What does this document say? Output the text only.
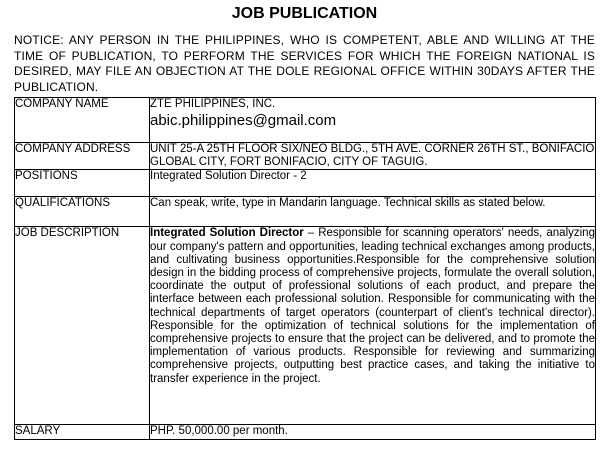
JOB PUBLICATION
NOTICE: ANY PERSON IN THE PHILIPPINES, WHO IS COMPETENT, ABLE AND WILLING AT THE TIME OF PUBLICATION, TO PERFORM THE SERVICES FOR WHICH THE FOREIGN NATIONAL IS DESIRED, MAY FILE AN OBJECTION AT THE DOLE REGIONAL OFFICE WITHIN 30DAYS AFTER THE PUBLICATION.
COMPANY NAME	ZTE PHILIPPINES, INC.
abic.philippines@gmail.com

COMPANY ADDRESS	UNIT 25-A 25TH FLOOR SIX/NEO BLDG., 5TH AVE. CORNER 26TH ST., BONIFACIO GLOBAL CITY, FORT BONIFACIO, CITY OF TAGUIG.
POSITIONS	Integrated Solution Director - 2
QUALIFICATIONS	Can speak, write, type in Mandarin language. Technical skills as stated below.
JOB DESCRIPTION	Integrated Solution Director – Responsible for scanning operators' needs, analyzing our company's pattern and opportunities, leading technical exchanges among products, and cultivating business opportunities.Responsible for the comprehensive solution design in the bidding process of comprehensive projects, formulate the overall solution, coordinate the output of professional solutions of each product, and prepare the interface between each professional solution. Responsible for communicating with the technical departments of target operators (counterpart of client's technical director). Responsible for the optimization of technical solutions for the implementation of comprehensive projects to ensure that the project can be delivered, and to promote the implementation of various products. Responsible for reviewing and summarizing comprehensive projects, outputting best practice cases, and taking the initiative to transfer experience in the project.
SALARY	PHP. 50,000.00 per month.
